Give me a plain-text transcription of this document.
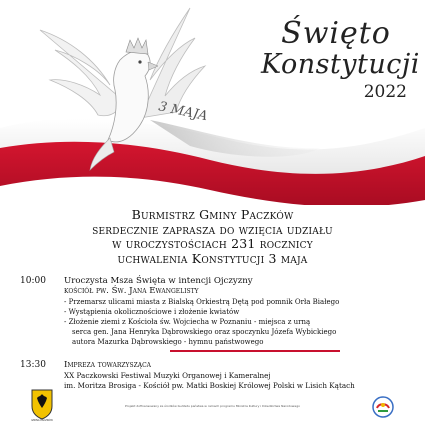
3 MAJA
Święto
Konstytucji
2022
Burmistrz Gminy Paczków
serdecznie zaprasza do wzięcia udziału
w uroczystościach 231 rocznicy
uchwalenia Konstytucji 3 maja
10:00 Uroczysta Msza Święta w intencji Ojczyzny
kościół pw. Św. Jana Ewangelisty
- Przemarsz ulicami miasta z Bialską Orkiestrą Dętą pod pomnik Orła Białego
- Wystąpienia okolicznościowe i złożenie kwiatów
- Złożenie ziemi z Kościoła św. Wojciecha w Poznaniu - miejsca z urną
serca gen. Jana Henryka Dąbrowskiego oraz spoczynku Józefa Wybickiego
autora Mazurka Dąbrowskiego - hymnu państwowego
13:30 Impreza towarzysząca
XX Paczkowski Festiwal Muzyki Organowej i Kameralnej
im. Moritza Brosiga - Kościół pw. Matki Boskiej Królowej Polski w Lisich Kątach
GMINA PACZKÓW
Projekt dofinansowany ze środków budżetu państwa w ramach programu Ministra Kultury i Dziedzictwa Narodowego
